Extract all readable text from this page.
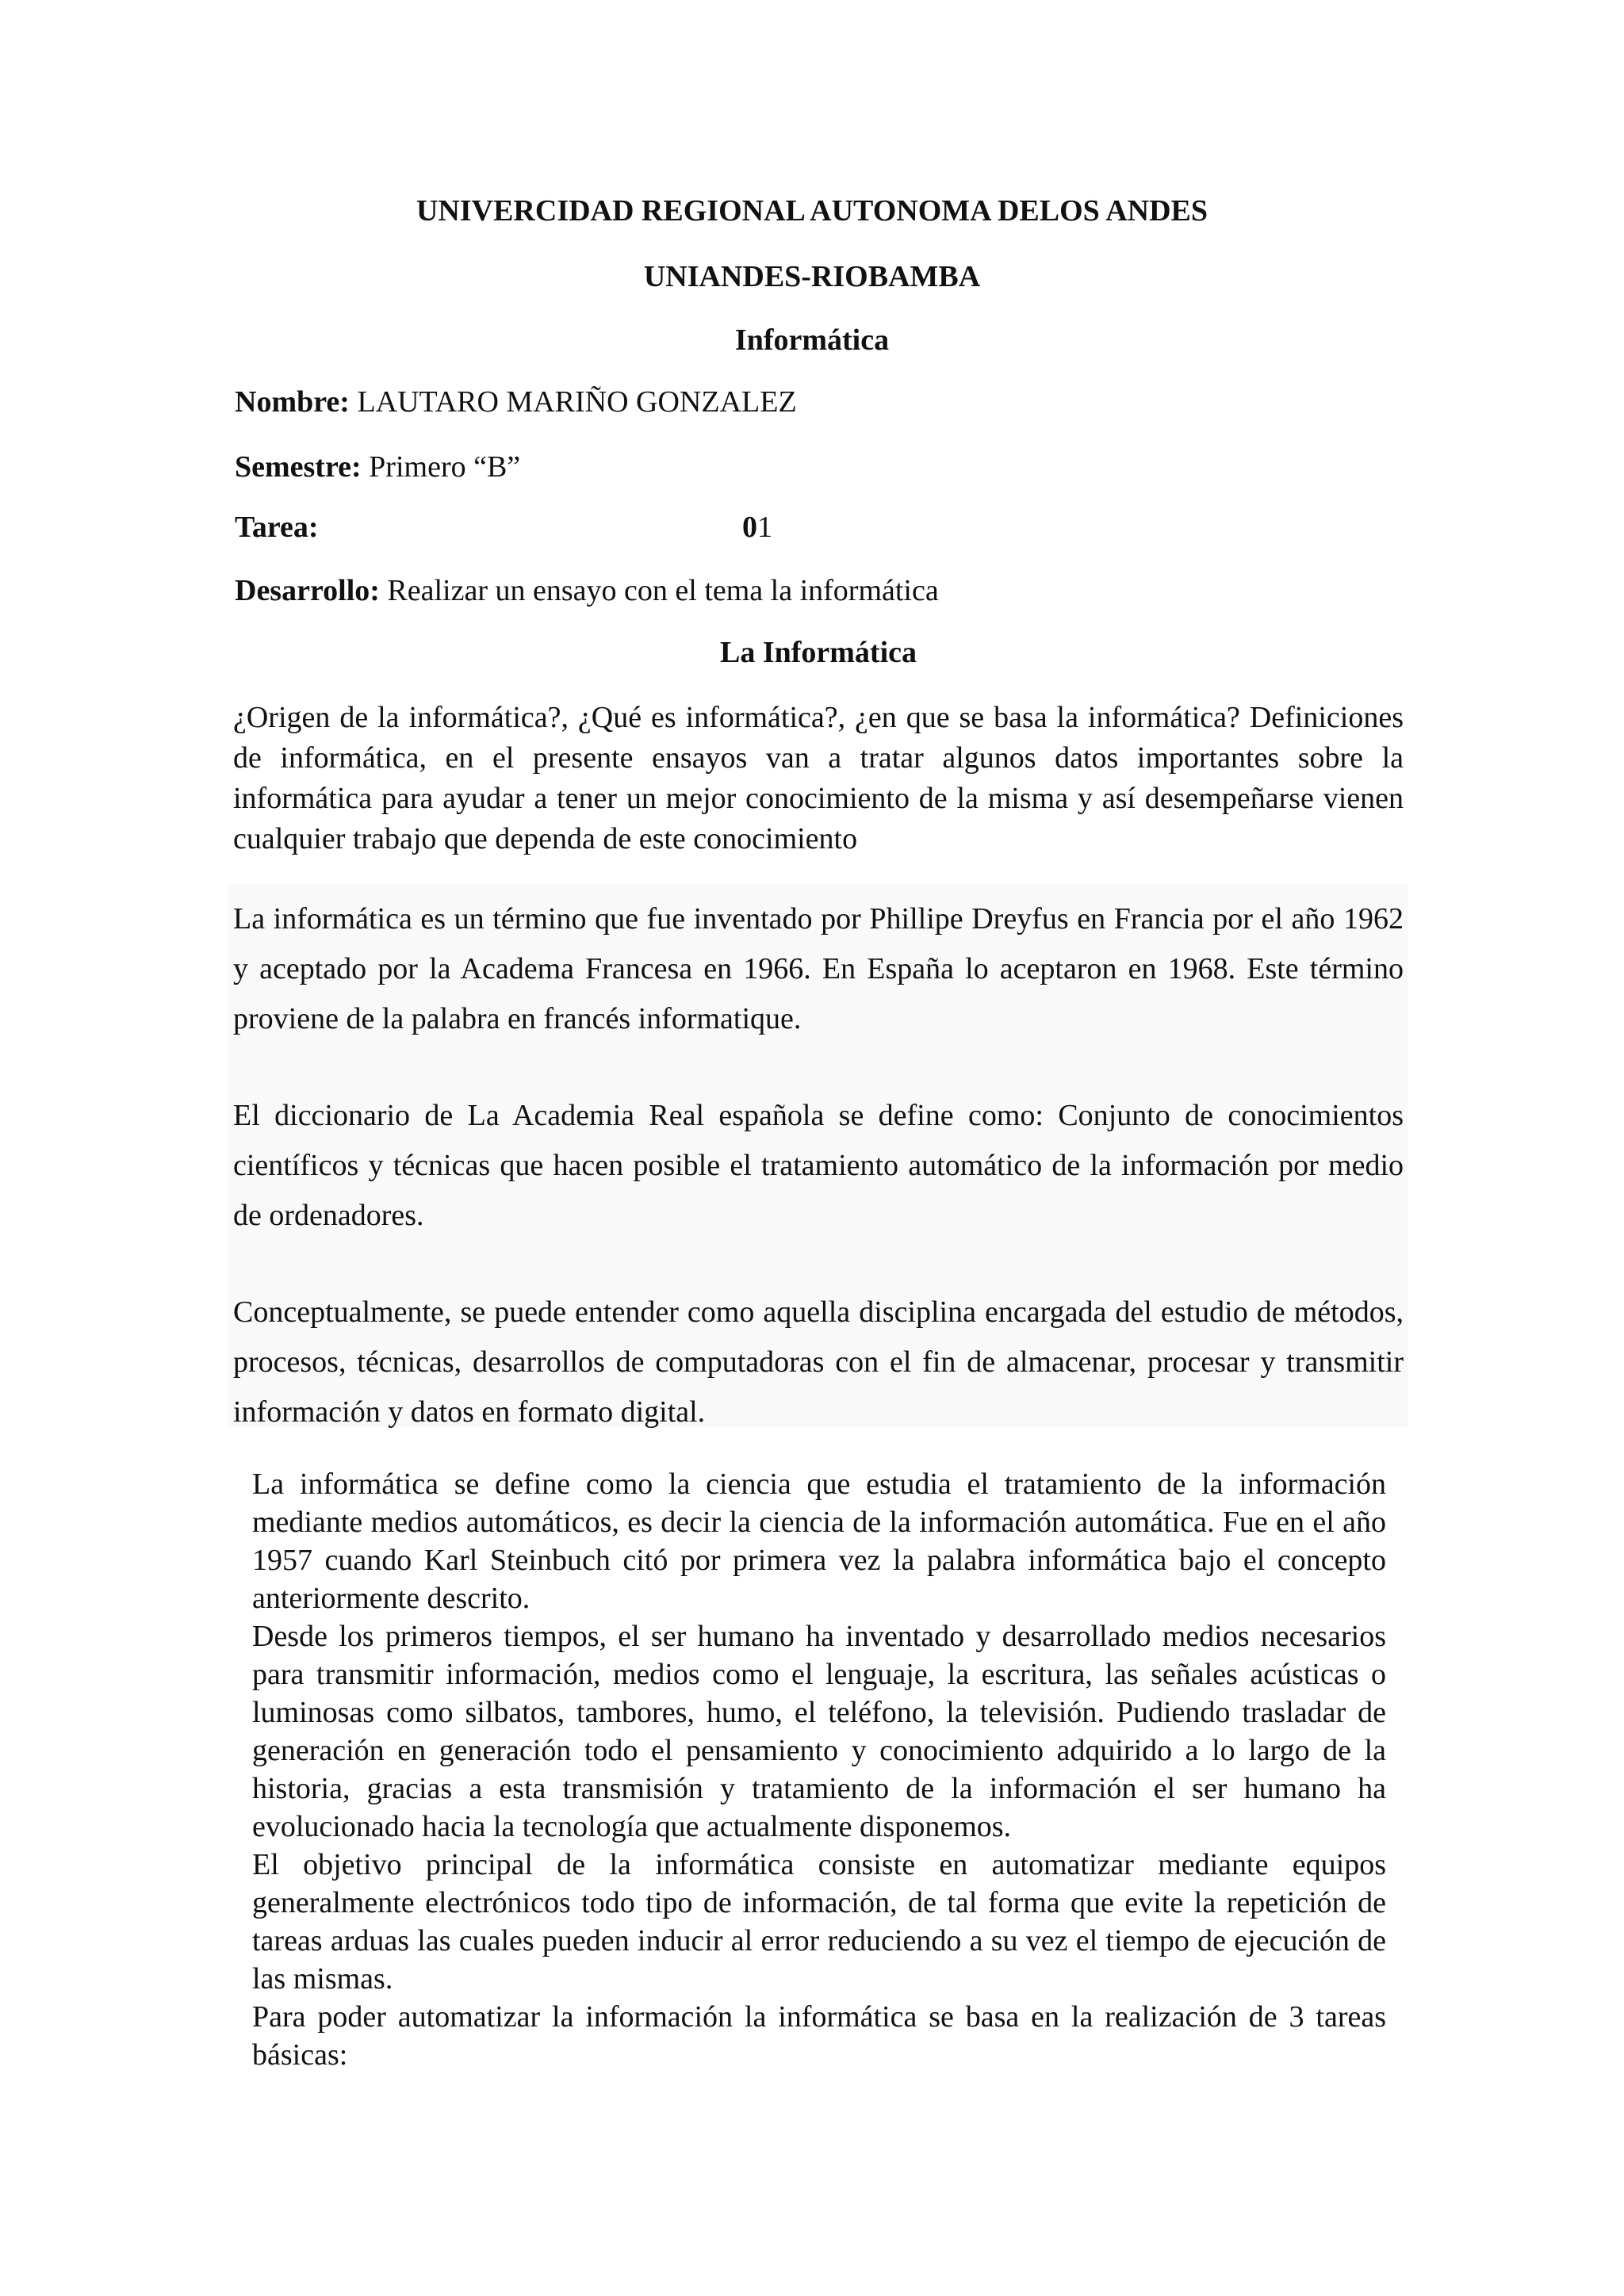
UNIVERCIDAD REGIONAL AUTONOMA DELOS ANDES
UNIANDES-RIOBAMBA
Informática
Nombre: LAUTARO MARIÑO GONZALEZ
Semestre: Primero “B”
Tarea:	01
Desarrollo: Realizar un ensayo con el tema la informática
La Informática

¿Origen de la informática?, ¿Qué es informática?, ¿en que se basa la informática? Definiciones de informática, en el presente ensayos van a tratar algunos datos importantes sobre la informática para ayudar a tener un mejor conocimiento de la misma y así desempeñarse vienen cualquier trabajo que dependa de este conocimiento

La informática es un término que fue inventado por Phillipe Dreyfus en Francia por el año 1962 y aceptado por la Academa Francesa en 1966. En España lo aceptaron en 1968. Este término proviene de la palabra en francés informatique.

El diccionario de La Academia Real española se define como: Conjunto de conocimientos científicos y técnicas que hacen posible el tratamiento automático de la información por medio de ordenadores.

Conceptualmente, se puede entender como aquella disciplina encargada del estudio de métodos, procesos, técnicas, desarrollos de computadoras con el fin de almacenar, procesar y transmitir información y datos en formato digital.

La informática se define como la ciencia que estudia el tratamiento de la información mediante medios automáticos, es decir la ciencia de la información automática. Fue en el año 1957 cuando Karl Steinbuch citó por primera vez la palabra informática bajo el concepto anteriormente descrito.

Desde los primeros tiempos, el ser humano ha inventado y desarrollado medios necesarios para transmitir información, medios como el lenguaje, la escritura, las señales acústicas o luminosas como silbatos, tambores, humo, el teléfono, la televisión. Pudiendo trasladar de generación en generación todo el pensamiento y conocimiento adquirido a lo largo de la historia, gracias a esta transmisión y tratamiento de la información el ser humano ha evolucionado hacia la tecnología que actualmente disponemos.

El objetivo principal de la informática consiste en automatizar mediante equipos generalmente electrónicos todo tipo de información, de tal forma que evite la repetición de tareas arduas las cuales pueden inducir al error reduciendo a su vez el tiempo de ejecución de las mismas.

Para poder automatizar la información la informática se basa en la realización de 3 tareas básicas:
